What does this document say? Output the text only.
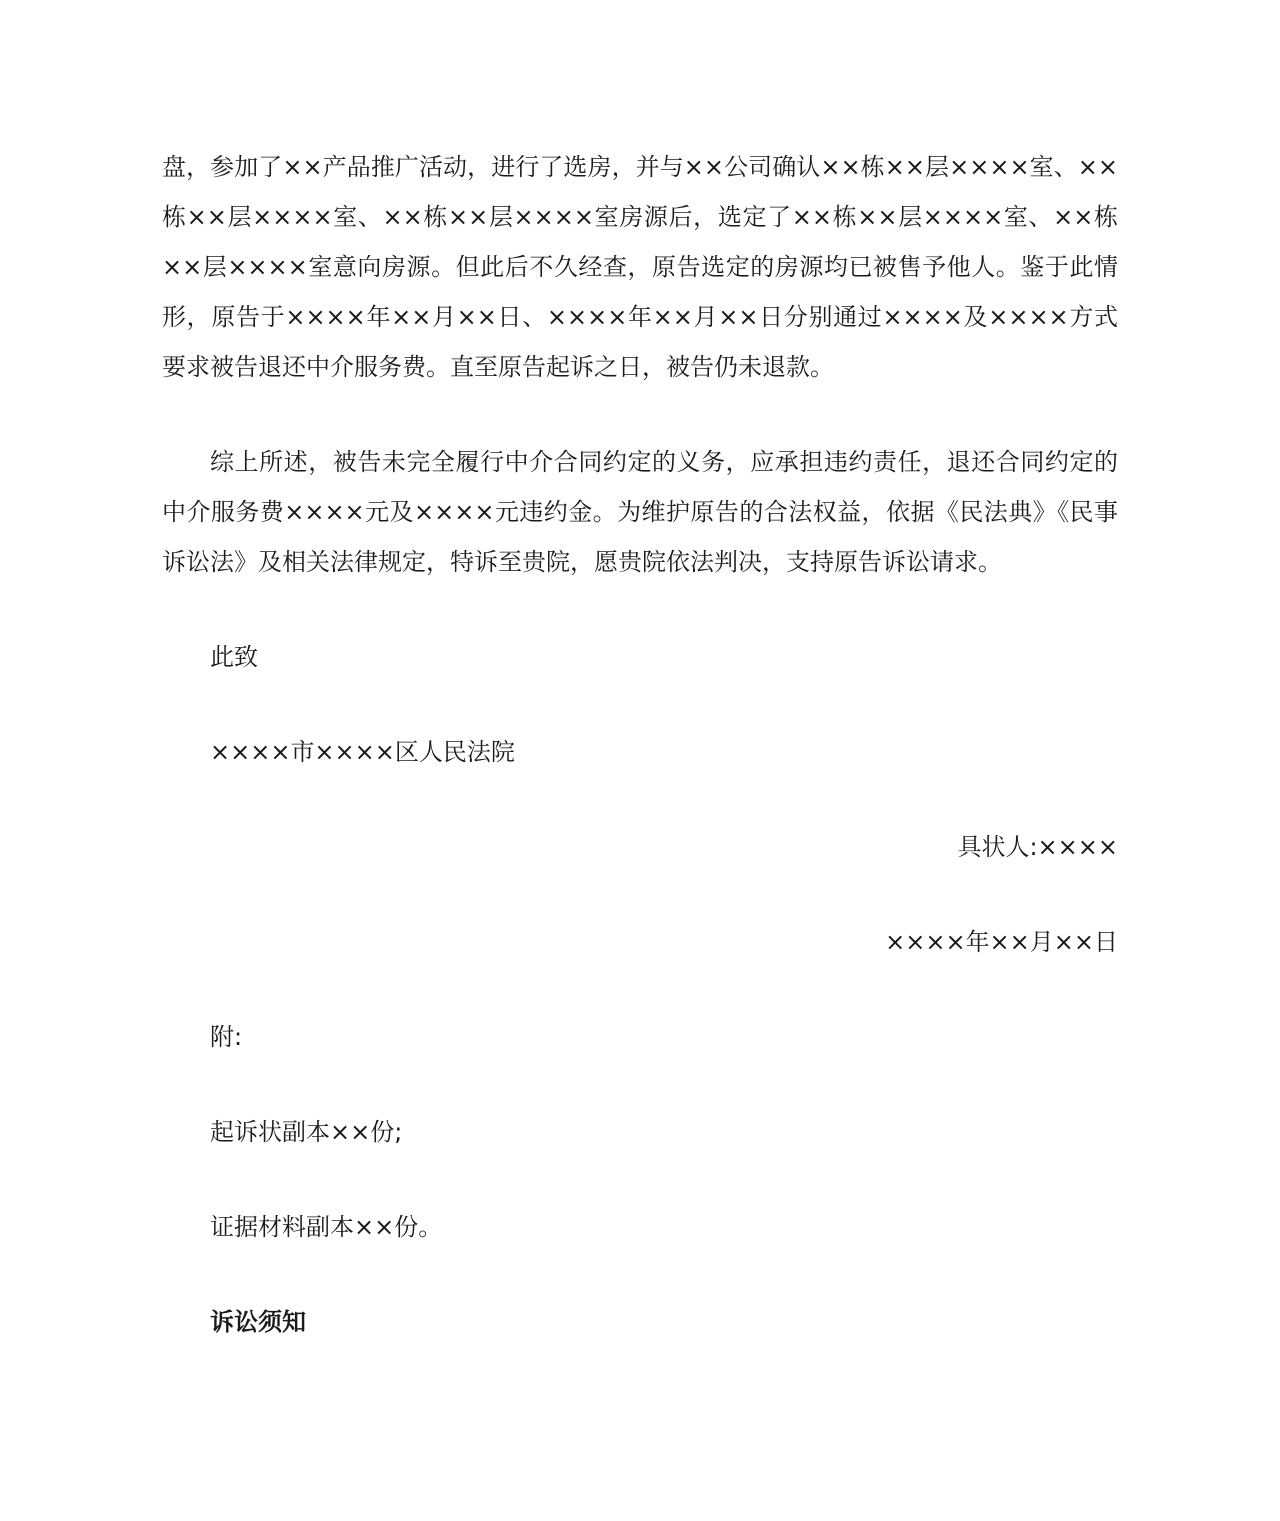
盘，参加了××产品推广活动，进行了选房，并与××公司确认××栋××层××××室、××栋××层××××室、××栋××层××××室房源后，选定了××栋××层××××室、××栋××层××××室意向房源。但此后不久经查，原告选定的房源均已被售予他人。鉴于此情形，原告于××××年××月××日、××××年××月××日分别通过××××及××××方式要求被告退还中介服务费。直至原告起诉之日，被告仍未退款。

综上所述，被告未完全履行中介合同约定的义务，应承担违约责任，退还合同约定的中介服务费××××元及××××元违约金。为维护原告的合法权益，依据《民法典》《民事诉讼法》及相关法律规定，特诉至贵院，愿贵院依法判决，支持原告诉讼请求。

此致

××××市××××区人民法院

具状人:××××

××××年××月××日

附:

起诉状副本××份;

证据材料副本××份。

诉讼须知
